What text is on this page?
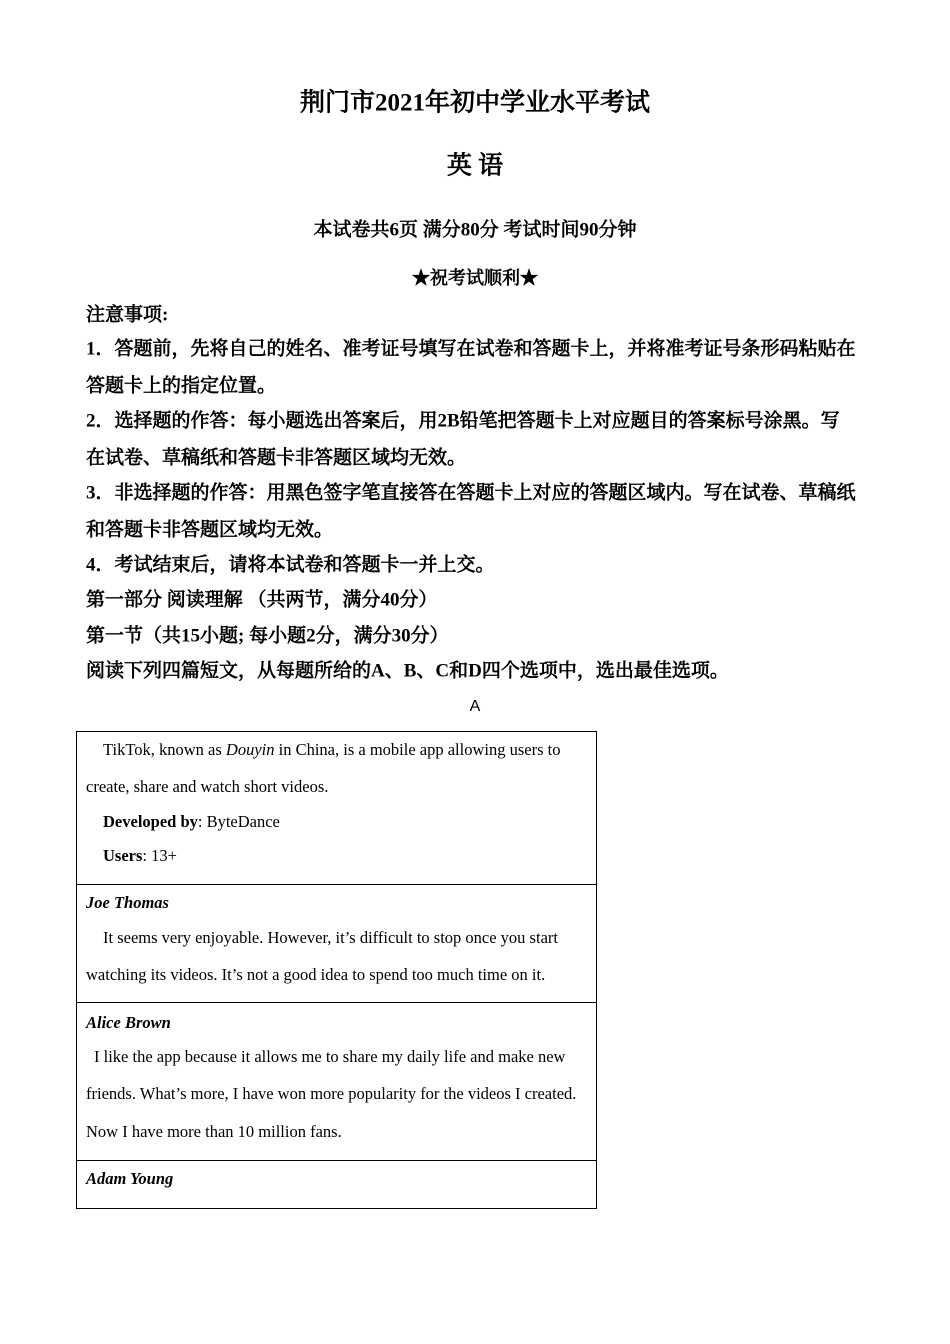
荆门市2021年初中学业水平考试
英 语
本试卷共6页 满分80分 考试时间90分钟
★祝考试顺利★
注意事项:
1．答题前，先将自己的姓名、准考证号填写在试卷和答题卡上，并将准考证号条形码粘贴在
答题卡上的指定位置。
2．选择题的作答：每小题选出答案后，用2B铅笔把答题卡上对应题目的答案标号涂黑。写
在试卷、草稿纸和答题卡非答题区域均无效。
3．非选择题的作答：用黑色签字笔直接答在答题卡上对应的答题区域内。写在试卷、草稿纸
和答题卡非答题区域均无效。
4．考试结束后，请将本试卷和答题卡一并上交。
第一部分 阅读理解 （共两节，满分40分）
第一节（共15小题; 每小题2分，满分30分）
阅读下列四篇短文，从每题所给的A、B、C和D四个选项中，选出最佳选项。
A
TikTok, known as Douyin in China, is a mobile app allowing users to
create, share and watch short videos.
Developed by: ByteDance
Users: 13+
Joe Thomas
It seems very enjoyable. However, it’s difficult to stop once you start
watching its videos. It’s not a good idea to spend too much time on it.
Alice Brown
I like the app because it allows me to share my daily life and make new
friends. What’s more, I have won more popularity for the videos I created.
Now I have more than 10 million fans.
Adam Young
